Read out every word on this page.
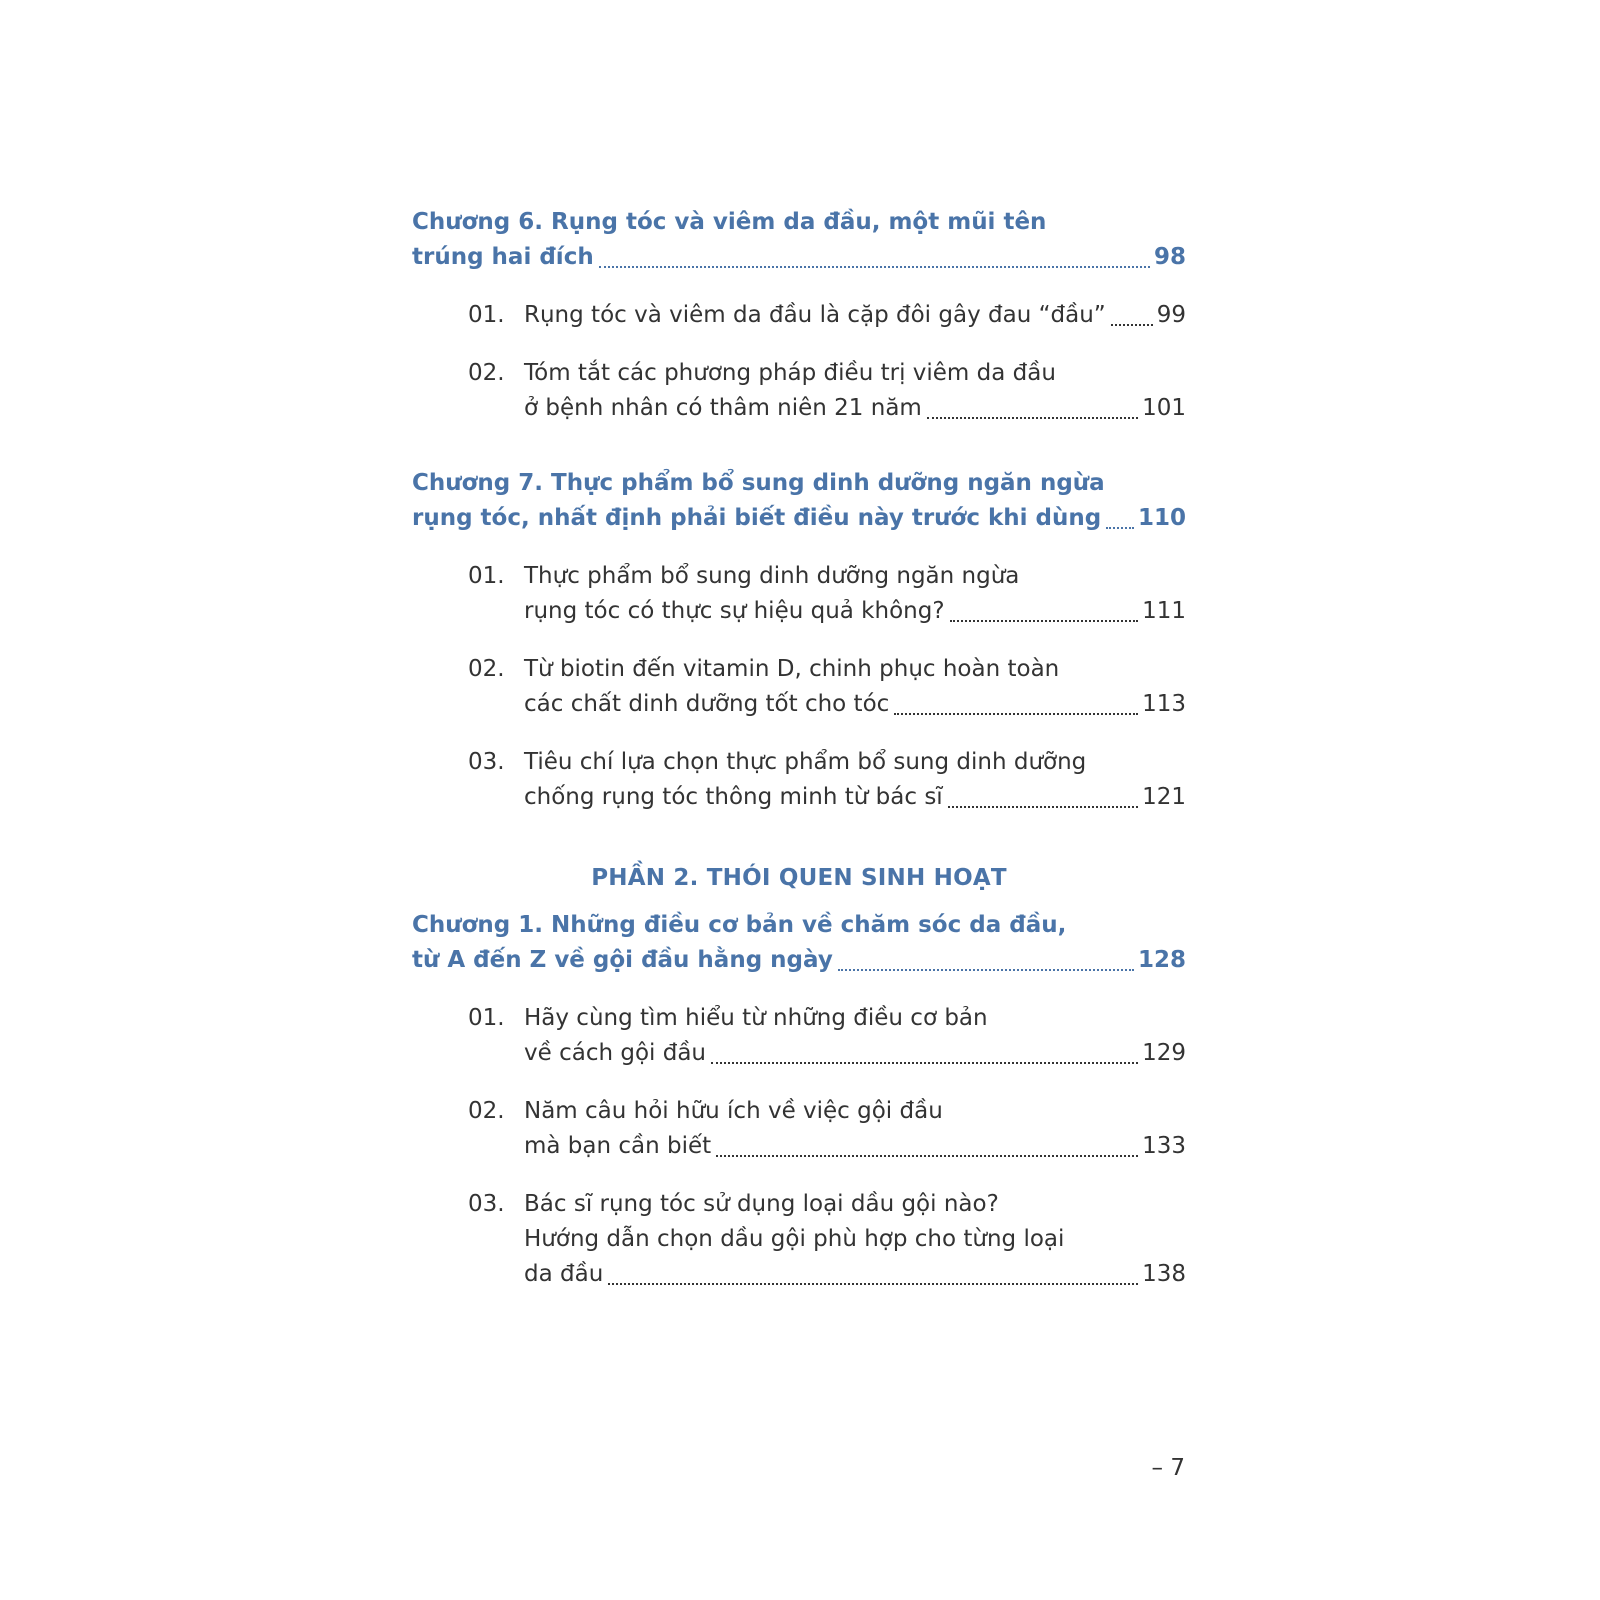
Chương 6. Rụng tóc và viêm da đầu, một mũi tên
trúng hai đích	98
01. Rụng tóc và viêm da đầu là cặp đôi gây đau “đầu” 99
02. Tóm tắt các phương pháp điều trị viêm da đầu
ở bệnh nhân có thâm niên 21 năm	101
Chương 7. Thực phẩm bổ sung dinh dưỡng ngăn ngừa
rụng tóc, nhất định phải biết điều này trước khi dùng 110
01. Thực phẩm bổ sung dinh dưỡng ngăn ngừa
rụng tóc có thực sự hiệu quả không?	111
02. Từ biotin đến vitamin D, chinh phục hoàn toàn
các chất dinh dưỡng tốt cho tóc	113
03. Tiêu chí lựa chọn thực phẩm bổ sung dinh dưỡng
chống rụng tóc thông minh từ bác sĩ	121
PHẦN 2. THÓI QUEN SINH HOẠT
Chương 1. Những điều cơ bản về chăm sóc da đầu,
từ A đến Z về gội đầu hằng ngày	128
01. Hãy cùng tìm hiểu từ những điều cơ bản
về cách gội đầu	129
02. Năm câu hỏi hữu ích về việc gội đầu
mà bạn cần biết	133
03. Bác sĩ rụng tóc sử dụng loại dầu gội nào?
Hướng dẫn chọn dầu gội phù hợp cho từng loại
da đầu	138
– 7
